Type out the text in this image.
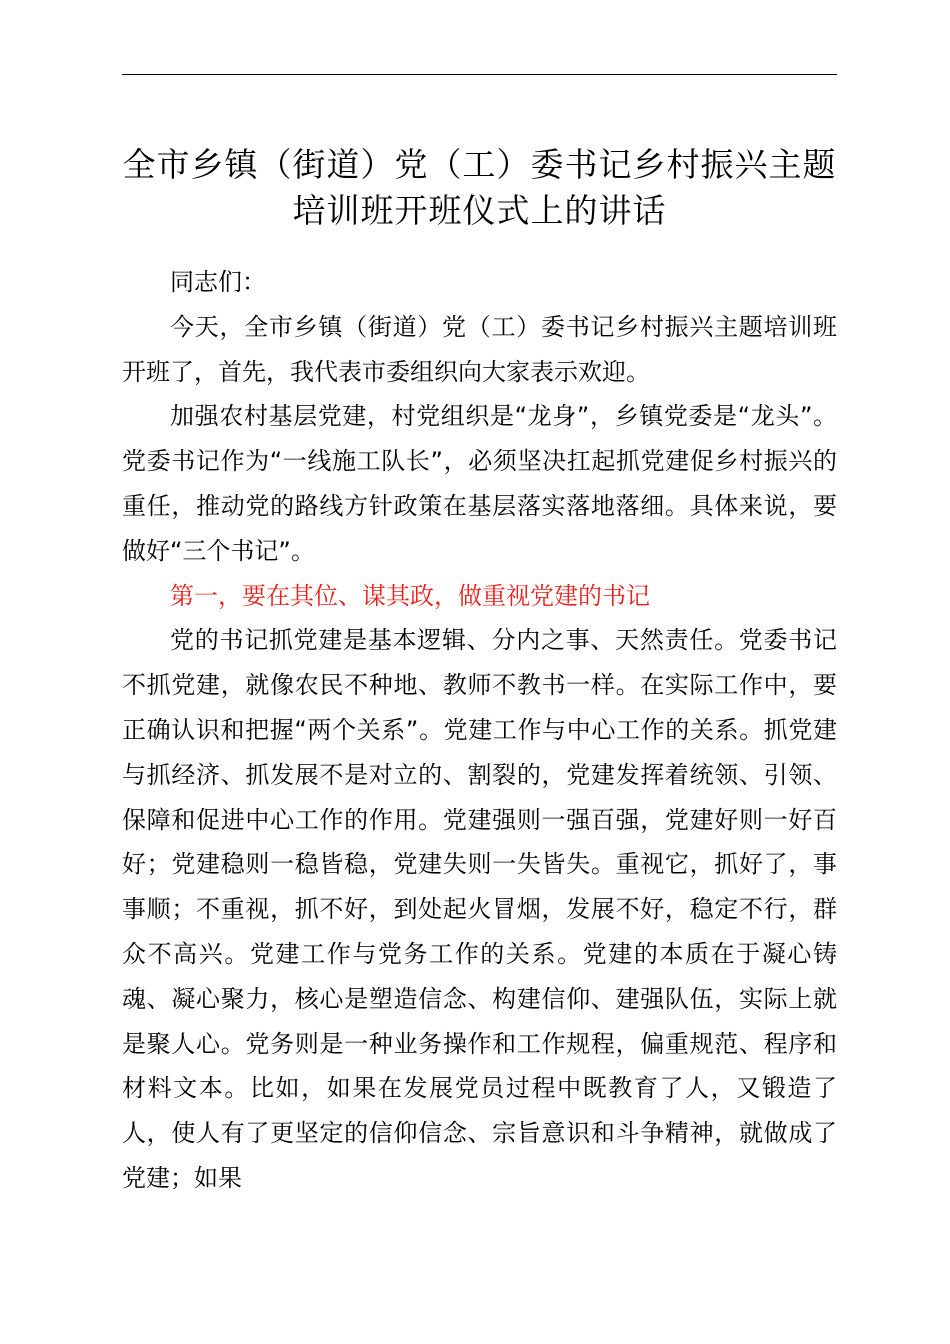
全市乡镇（街道）党（工）委书记乡村振兴主题培训班开班仪式上的讲话

同志们：

今天，全市乡镇（街道）党（工）委书记乡村振兴主题培训班开班了，首先，我代表市委组织向大家表示欢迎。

加强农村基层党建，村党组织是“龙身”，乡镇党委是“龙头”。党委书记作为“一线施工队长”，必须坚决扛起抓党建促乡村振兴的重任，推动党的路线方针政策在基层落实落地落细。具体来说，要做好“三个书记”。

第一，要在其位、谋其政，做重视党建的书记

党的书记抓党建是基本逻辑、分内之事、天然责任。党委书记不抓党建，就像农民不种地、教师不教书一样。在实际工作中，要正确认识和把握“两个关系”。党建工作与中心工作的关系。抓党建与抓经济、抓发展不是对立的、割裂的，党建发挥着统领、引领、保障和促进中心工作的作用。党建强则一强百强，党建好则一好百好；党建稳则一稳皆稳，党建失则一失皆失。重视它，抓好了，事事顺；不重视，抓不好，到处起火冒烟，发展不好，稳定不行，群众不高兴。党建工作与党务工作的关系。党建的本质在于凝心铸魂、凝心聚力，核心是塑造信念、构建信仰、建强队伍，实际上就是聚人心。党务则是一种业务操作和工作规程，偏重规范、程序和材料文本。比如，如果在发展党员过程中既教育了人，又锻造了人，使人有了更坚定的信仰信念、宗旨意识和斗争精神，就做成了党建；如果
